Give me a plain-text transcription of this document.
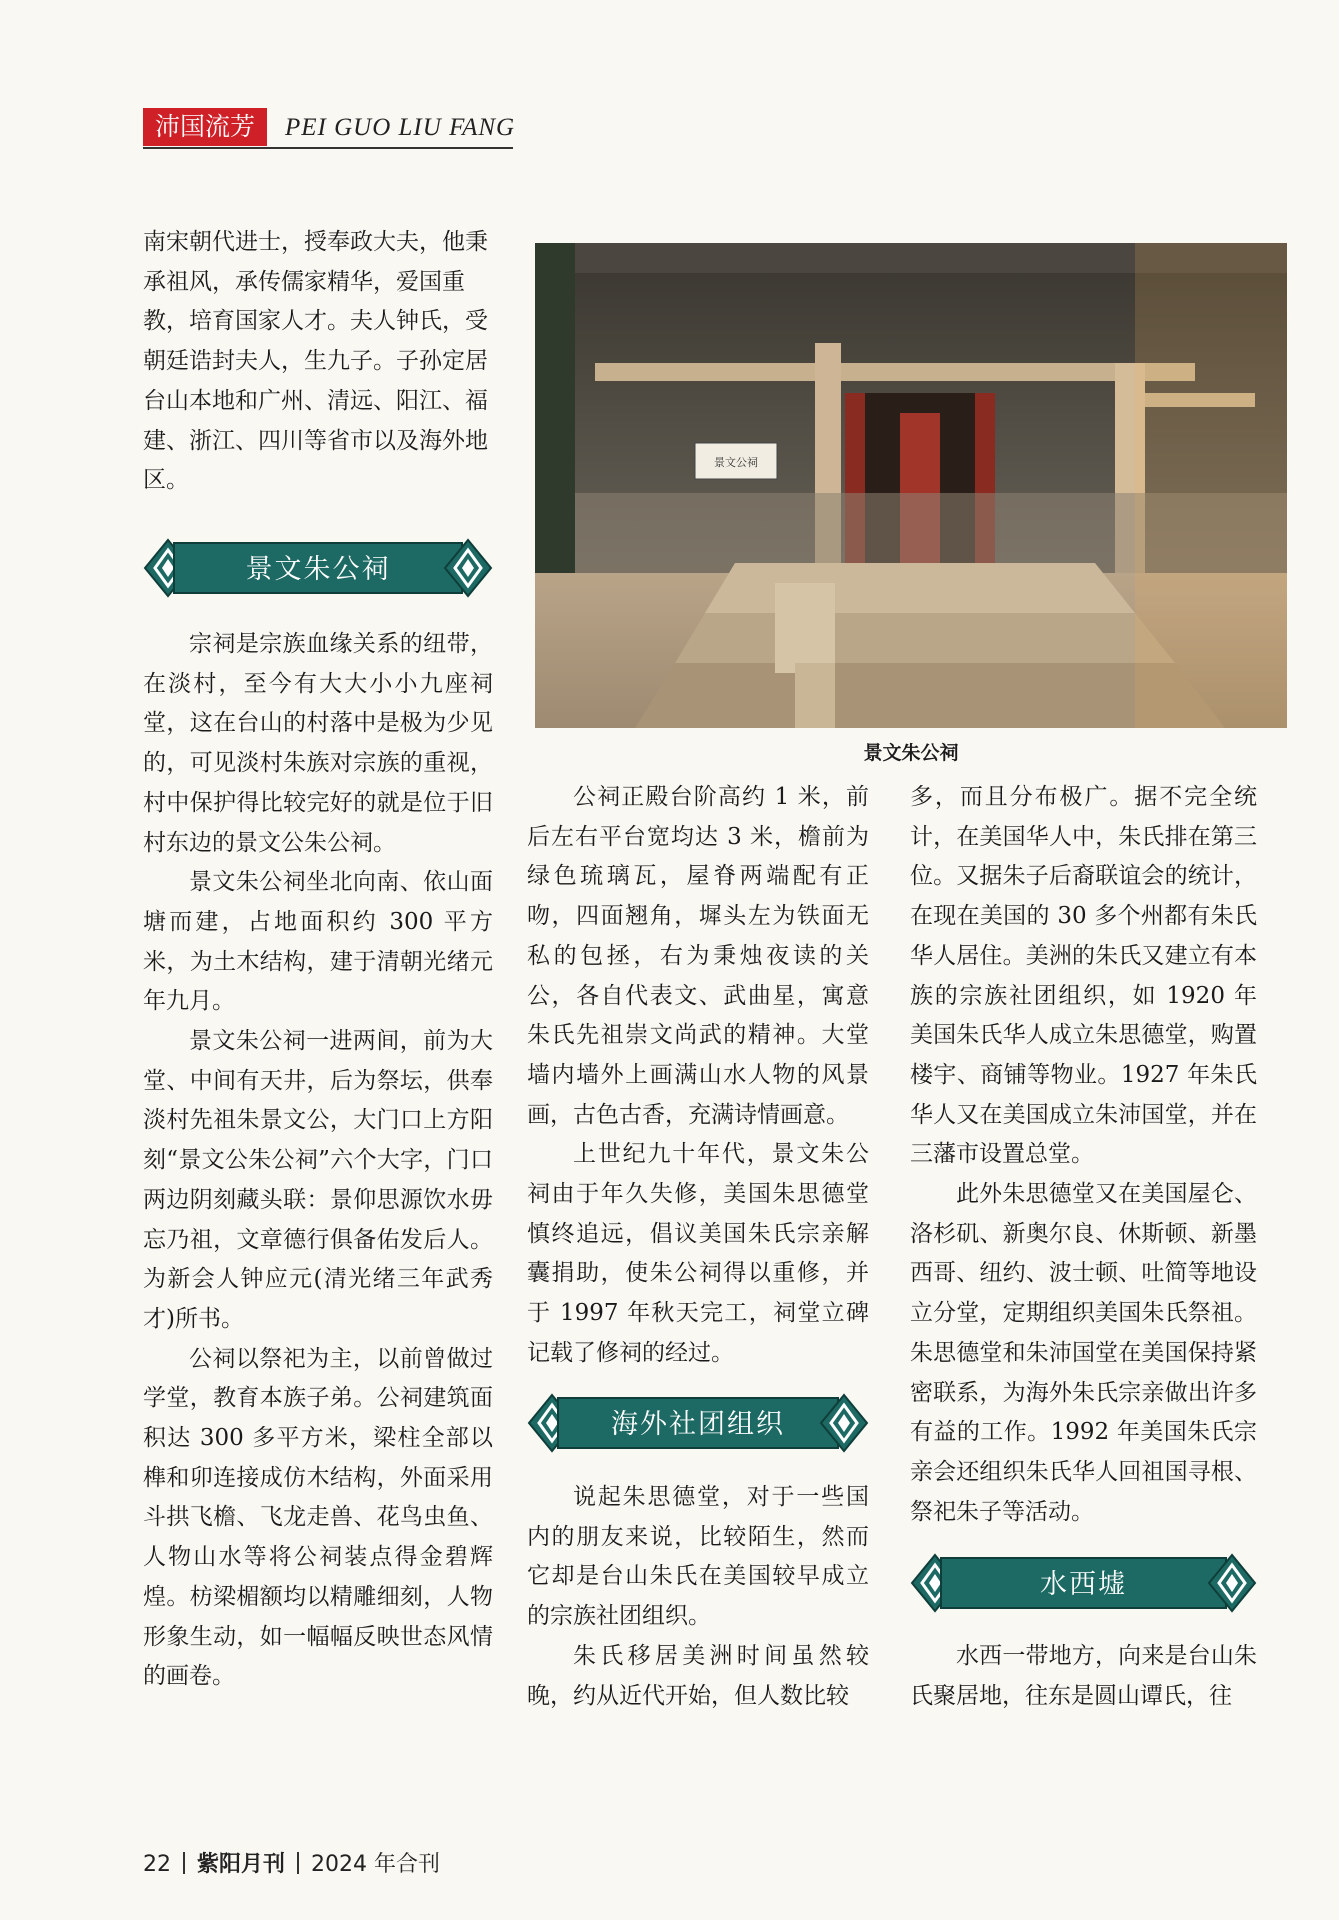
沛国流芳	PEI GUO LIU FANG
南宋朝代进士，授奉政大夫，他秉
承祖风，承传儒家精华，爱国重
教，培育国家人才。夫人钟氏，受
朝廷诰封夫人，生九子。子孙定居
台山本地和广州、清远、阳江、福
建、浙江、四川等省市以及海外地
区。
景文朱公祠

宗祠是宗族血缘关系的纽带，在淡村，至今有大大小小九座祠堂，这在台山的村落中是极为少见的，可见淡村朱族对宗族的重视，村中保护得比较完好的就是位于旧村东边的景文公朱公祠。

景文朱公祠坐北向南、依山面塘而建，占地面积约 300 平方米，为土木结构，建于清朝光绪元年九月。

景文朱公祠一进两间，前为大堂、中间有天井，后为祭坛，供奉淡村先祖朱景文公，大门口上方阳刻“景文公朱公祠”六个大字，门口两边阴刻藏头联：景仰思源饮水毋忘乃祖，文章德行俱备佑发后人。为新会人钟应元(清光绪三年武秀才)所书。

公祠以祭祀为主，以前曾做过学堂，教育本族子弟。公祠建筑面积达 300 多平方米，梁柱全部以榫和卯连接成仿木结构，外面采用斗拱飞檐、飞龙走兽、花鸟虫鱼、人物山水等将公祠装点得金碧辉煌。枋梁楣额均以精雕细刻，人物形象生动，如一幅幅反映世态风情的画卷。

景文公祠
景文朱公祠

公祠正殿台阶高约 1 米，前后左右平台宽均达 3 米，檐前为绿色琉璃瓦，屋脊两端配有正吻，四面翘角，墀头左为铁面无私的包拯，右为秉烛夜读的关公，各自代表文、武曲星，寓意朱氏先祖崇文尚武的精神。大堂墙内墙外上画满山水人物的风景画，古色古香，充满诗情画意。

上世纪九十年代，景文朱公祠由于年久失修，美国朱思德堂慎终追远，倡议美国朱氏宗亲解囊捐助，使朱公祠得以重修，并于 1997 年秋天完工，祠堂立碑记载了修祠的经过。

海外社团组织

说起朱思德堂，对于一些国内的朋友来说，比较陌生，然而它却是台山朱氏在美国较早成立的宗族社团组织。

朱氏移居美洲时间虽然较晚，约从近代开始，但人数比较

多，而且分布极广。据不完全统计，在美国华人中，朱氏排在第三位。又据朱子后裔联谊会的统计，在现在美国的 30 多个州都有朱氏华人居住。美洲的朱氏又建立有本族的宗族社团组织，如 1920 年美国朱氏华人成立朱思德堂，购置楼宇、商铺等物业。1927 年朱氏华人又在美国成立朱沛国堂，并在三藩市设置总堂。

此外朱思德堂又在美国屋仑、洛杉矶、新奥尔良、休斯顿、新墨西哥、纽约、波士顿、吐简等地设立分堂，定期组织美国朱氏祭祖。朱思德堂和朱沛国堂在美国保持紧密联系，为海外朱氏宗亲做出许多有益的工作。1992 年美国朱氏宗亲会还组织朱氏华人回祖国寻根、祭祀朱子等活动。

水西墟

水西一带地方，向来是台山朱氏聚居地，往东是圆山谭氏，往

22 紫阳月刊 2024 年合刊
